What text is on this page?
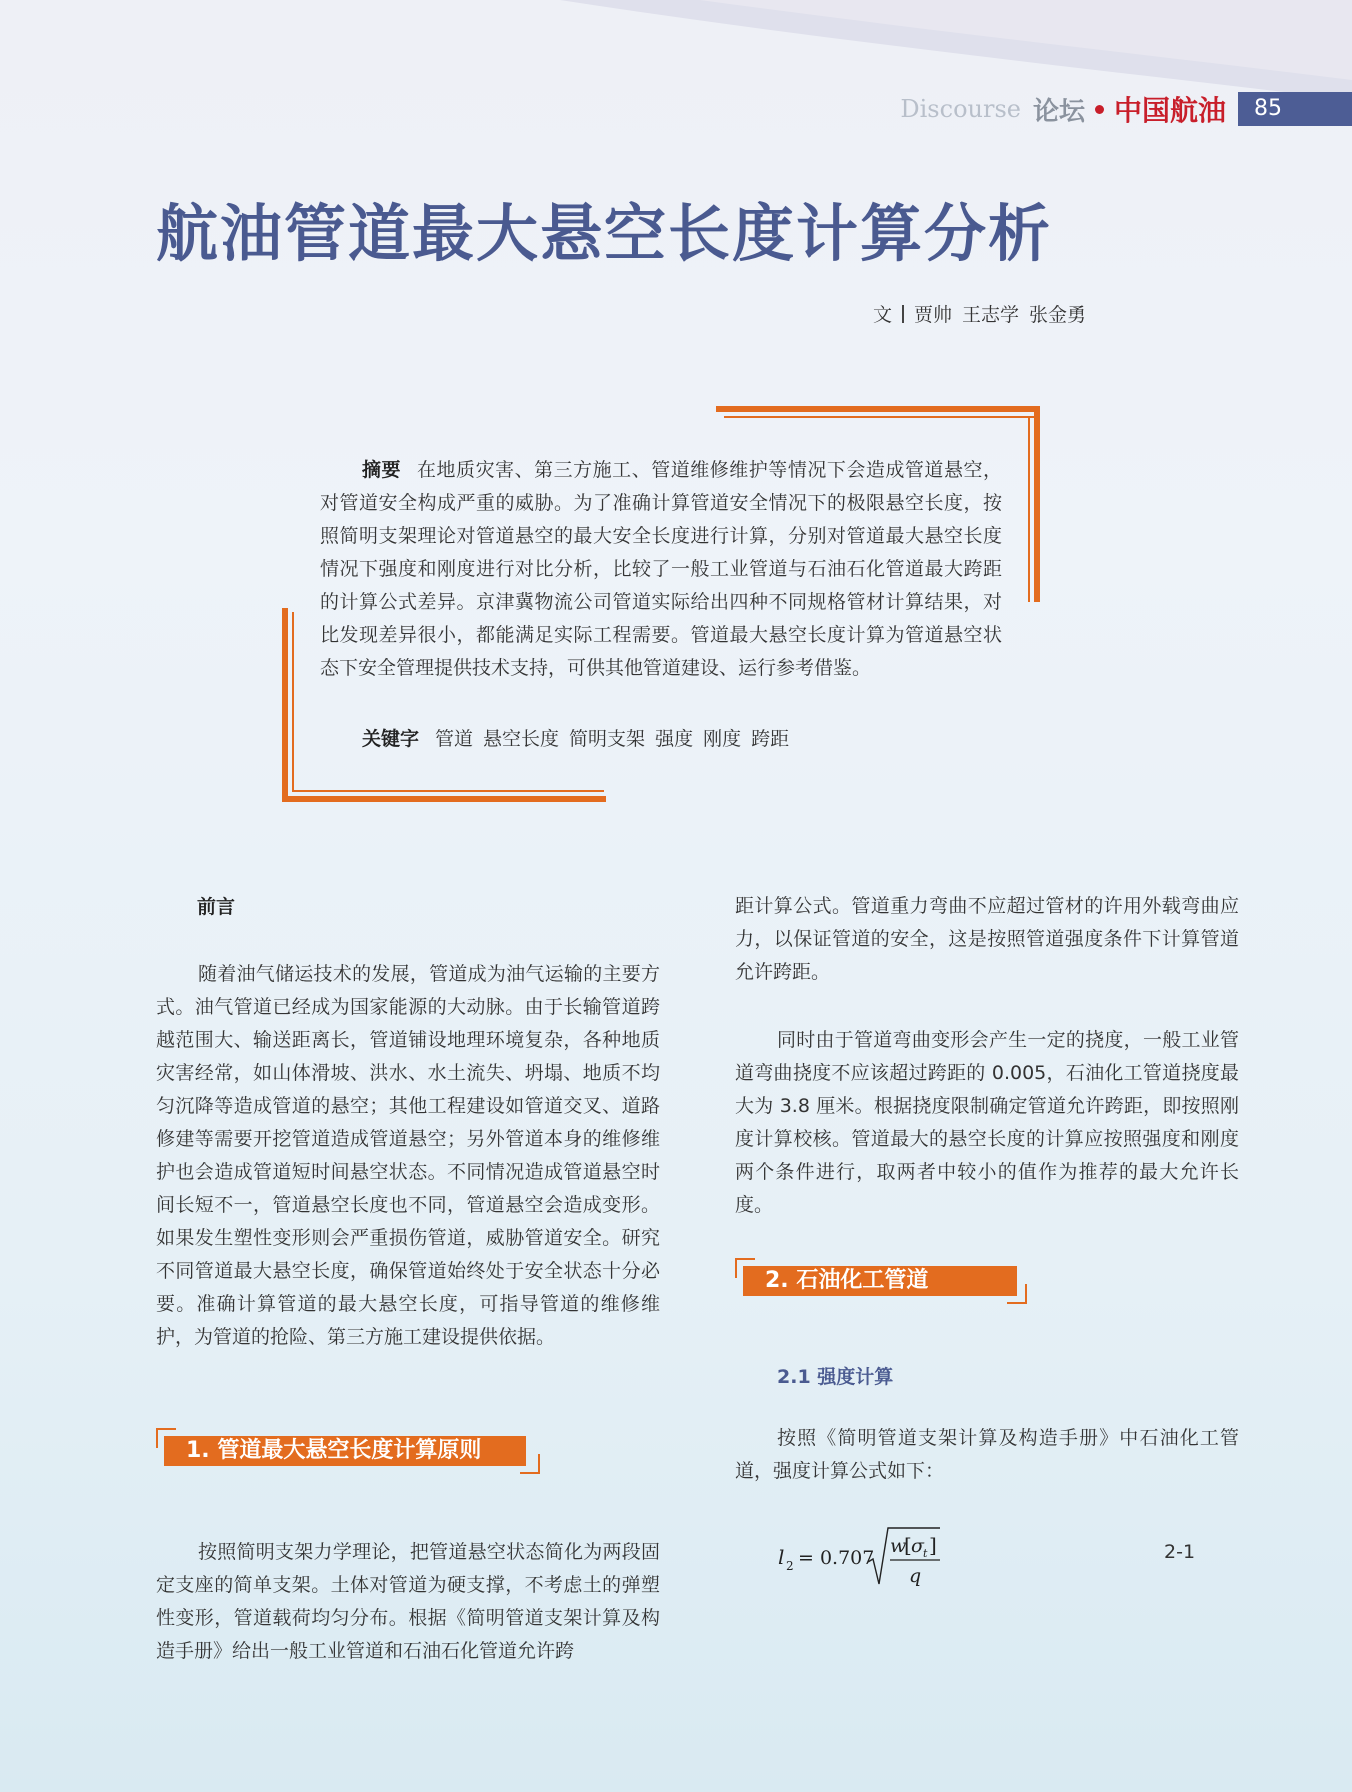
Discourse 论坛 中国航油	85
航油管道最大悬空长度计算分析
文 贾帅 王志学 张金勇

摘要 在地质灾害、第三方施工、管道维修维护等情况下会造成管道悬空，对管道安全构成严重的威胁。为了准确计算管道安全情况下的极限悬空长度，按照简明支架理论对管道悬空的最大安全长度进行计算，分别对管道最大悬空长度情况下强度和刚度进行对比分析，比较了一般工业管道与石油石化管道最大跨距的计算公式差异。京津冀物流公司管道实际给出四种不同规格管材计算结果，对比发现差异很小，都能满足实际工程需要。管道最大悬空长度计算为管道悬空状态下安全管理提供技术支持，可供其他管道建设、运行参考借鉴。

关键字 管道 悬空长度 简明支架 强度 刚度 跨距
前言

随着油气储运技术的发展，管道成为油气运输的主要方式。油气管道已经成为国家能源的大动脉。由于长输管道跨越范围大、输送距离长，管道铺设地理环境复杂，各种地质灾害经常，如山体滑坡、洪水、水土流失、坍塌、地质不均匀沉降等造成管道的悬空；其他工程建设如管道交叉、道路修建等需要开挖管道造成管道悬空；另外管道本身的维修维护也会造成管道短时间悬空状态。不同情况造成管道悬空时间长短不一，管道悬空长度也不同，管道悬空会造成变形。如果发生塑性变形则会严重损伤管道，威胁管道安全。研究不同管道最大悬空长度，确保管道始终处于安全状态十分必要。准确计算管道的最大悬空长度，可指导管道的维修维护，为管道的抢险、第三方施工建设提供依据。

1. 管道最大悬空长度计算原则

按照简明支架力学理论，把管道悬空状态简化为两段固定支座的简单支架。土体对管道为硬支撑，不考虑土的弹塑性变形，管道载荷均匀分布。根据《简明管道支架计算及构造手册》给出一般工业管道和石油石化管道允许跨

距计算公式。管道重力弯曲不应超过管材的许用外载弯曲应力，以保证管道的安全，这是按照管道强度条件下计算管道允许跨距。

同时由于管道弯曲变形会产生一定的挠度，一般工业管道弯曲挠度不应该超过跨距的 0.005，石油化工管道挠度最大为 3.8 厘米。根据挠度限制确定管道允许跨距，即按照刚度计算校核。管道最大的悬空长度的计算应按照强度和刚度两个条件进行，取两者中较小的值作为推荐的最大允许长度。

2. 石油化工管道
2.1 强度计算

按照《简明管道支架计算及构造手册》中石油化工管道，强度计算公式如下：

l 2 = 0.707
w
[ σ t ]
q
2-1
